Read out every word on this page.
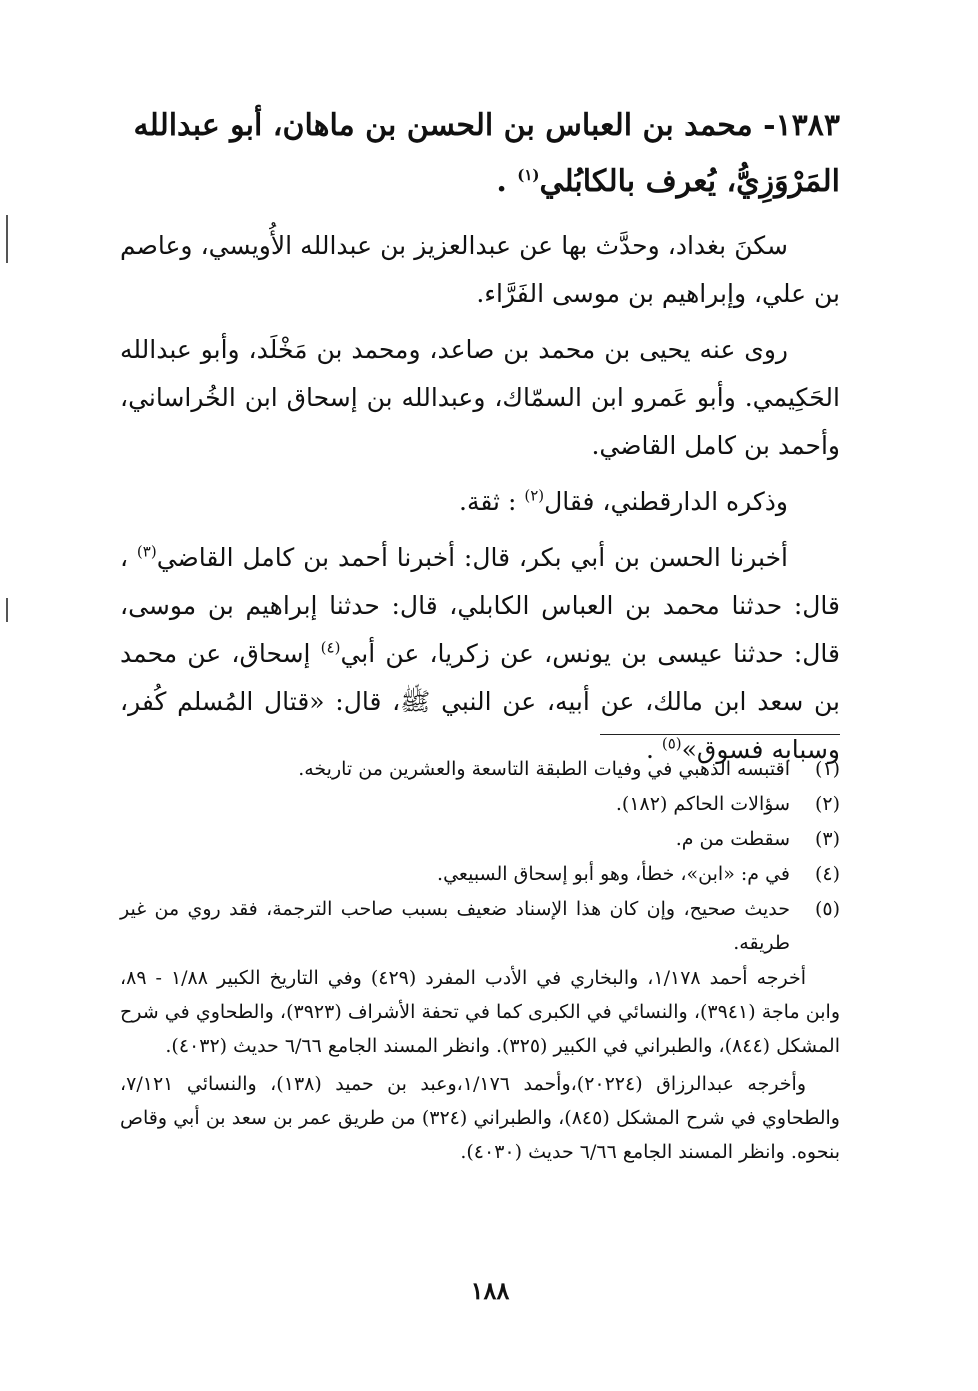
١٣٨٣- محمد بن العباس بن الحسن بن ماهان، أبو عبدالله

المَرْوَزِيُّ، يُعرف بالكابُلي$^{(١)}$ .

سكنَ بغداد، وحدَّث بها عن عبدالعزيز بن عبدالله الأُويسي، وعاصم بن علي، وإبراهيم بن موسى الفَرَّاء.

روى عنه يحيى بن محمد بن صاعد، ومحمد بن مَخْلَد، وأبو عبدالله الحَكِيمي. وأبو عَمرو ابن السمّاك، وعبدالله بن إسحاق ابن الخُراساني، وأحمد بن كامل القاضي.

وذكره الدارقطني، فقال$^{(٢)}$ : ثقة.

أخبرنا الحسن بن أبي بكر، قال: أخبرنا أحمد بن كامل القاضي$^{(٣)}$ ، قال: حدثنا محمد بن العباس الكابلي، قال: حدثنا إبراهيم بن موسى، قال: حدثنا عيسى بن يونس، عن زكريا، عن أبي$^{(٤)}$ إسحاق، عن محمد بن سعد ابن مالك، عن أبيه، عن النبي ﷺ، قال: «قتال المُسلم كُفر، وسبابه فسوق»$^{(٥)}$ .

(١)
اقتبسه الذهبي في وفيات الطبقة التاسعة والعشرين من تاريخه.
(٢)
سؤالات الحاكم (١٨٢).
(٣)
سقطت من م.
(٤)
في م: «ابن»، خطأ، وهو أبو إسحاق السبيعي.
(٥)
حديث صحيح، وإن كان هذا الإسناد ضعيف بسبب صاحب الترجمة، فقد روي من غير طريقه.

أخرجه أحمد ١/١٧٨، والبخاري في الأدب المفرد (٤٢٩) وفي التاريخ الكبير ١/٨٨ - ٨٩، وابن ماجة (٣٩٤١)، والنسائي في الكبرى كما في تحفة الأشراف (٣٩٢٣)، والطحاوي في شرح المشكل (٨٤٤)، والطبراني في الكبير (٣٢٥). وانظر المسند الجامع ٦/٦٦ حديث (٤٠٣٢).

وأخرجه عبدالرزاق (٢٠٢٢٤)،وأحمد ١/١٧٦،وعبد بن حميد (١٣٨)، والنسائي ٧/١٢١، والطحاوي في شرح المشكل (٨٤٥)، والطبراني (٣٢٤) من طريق عمر بن سعد بن أبي وقاص بنحوه. وانظر المسند الجامع ٦/٦٦ حديث (٤٠٣٠).

١٨٨
